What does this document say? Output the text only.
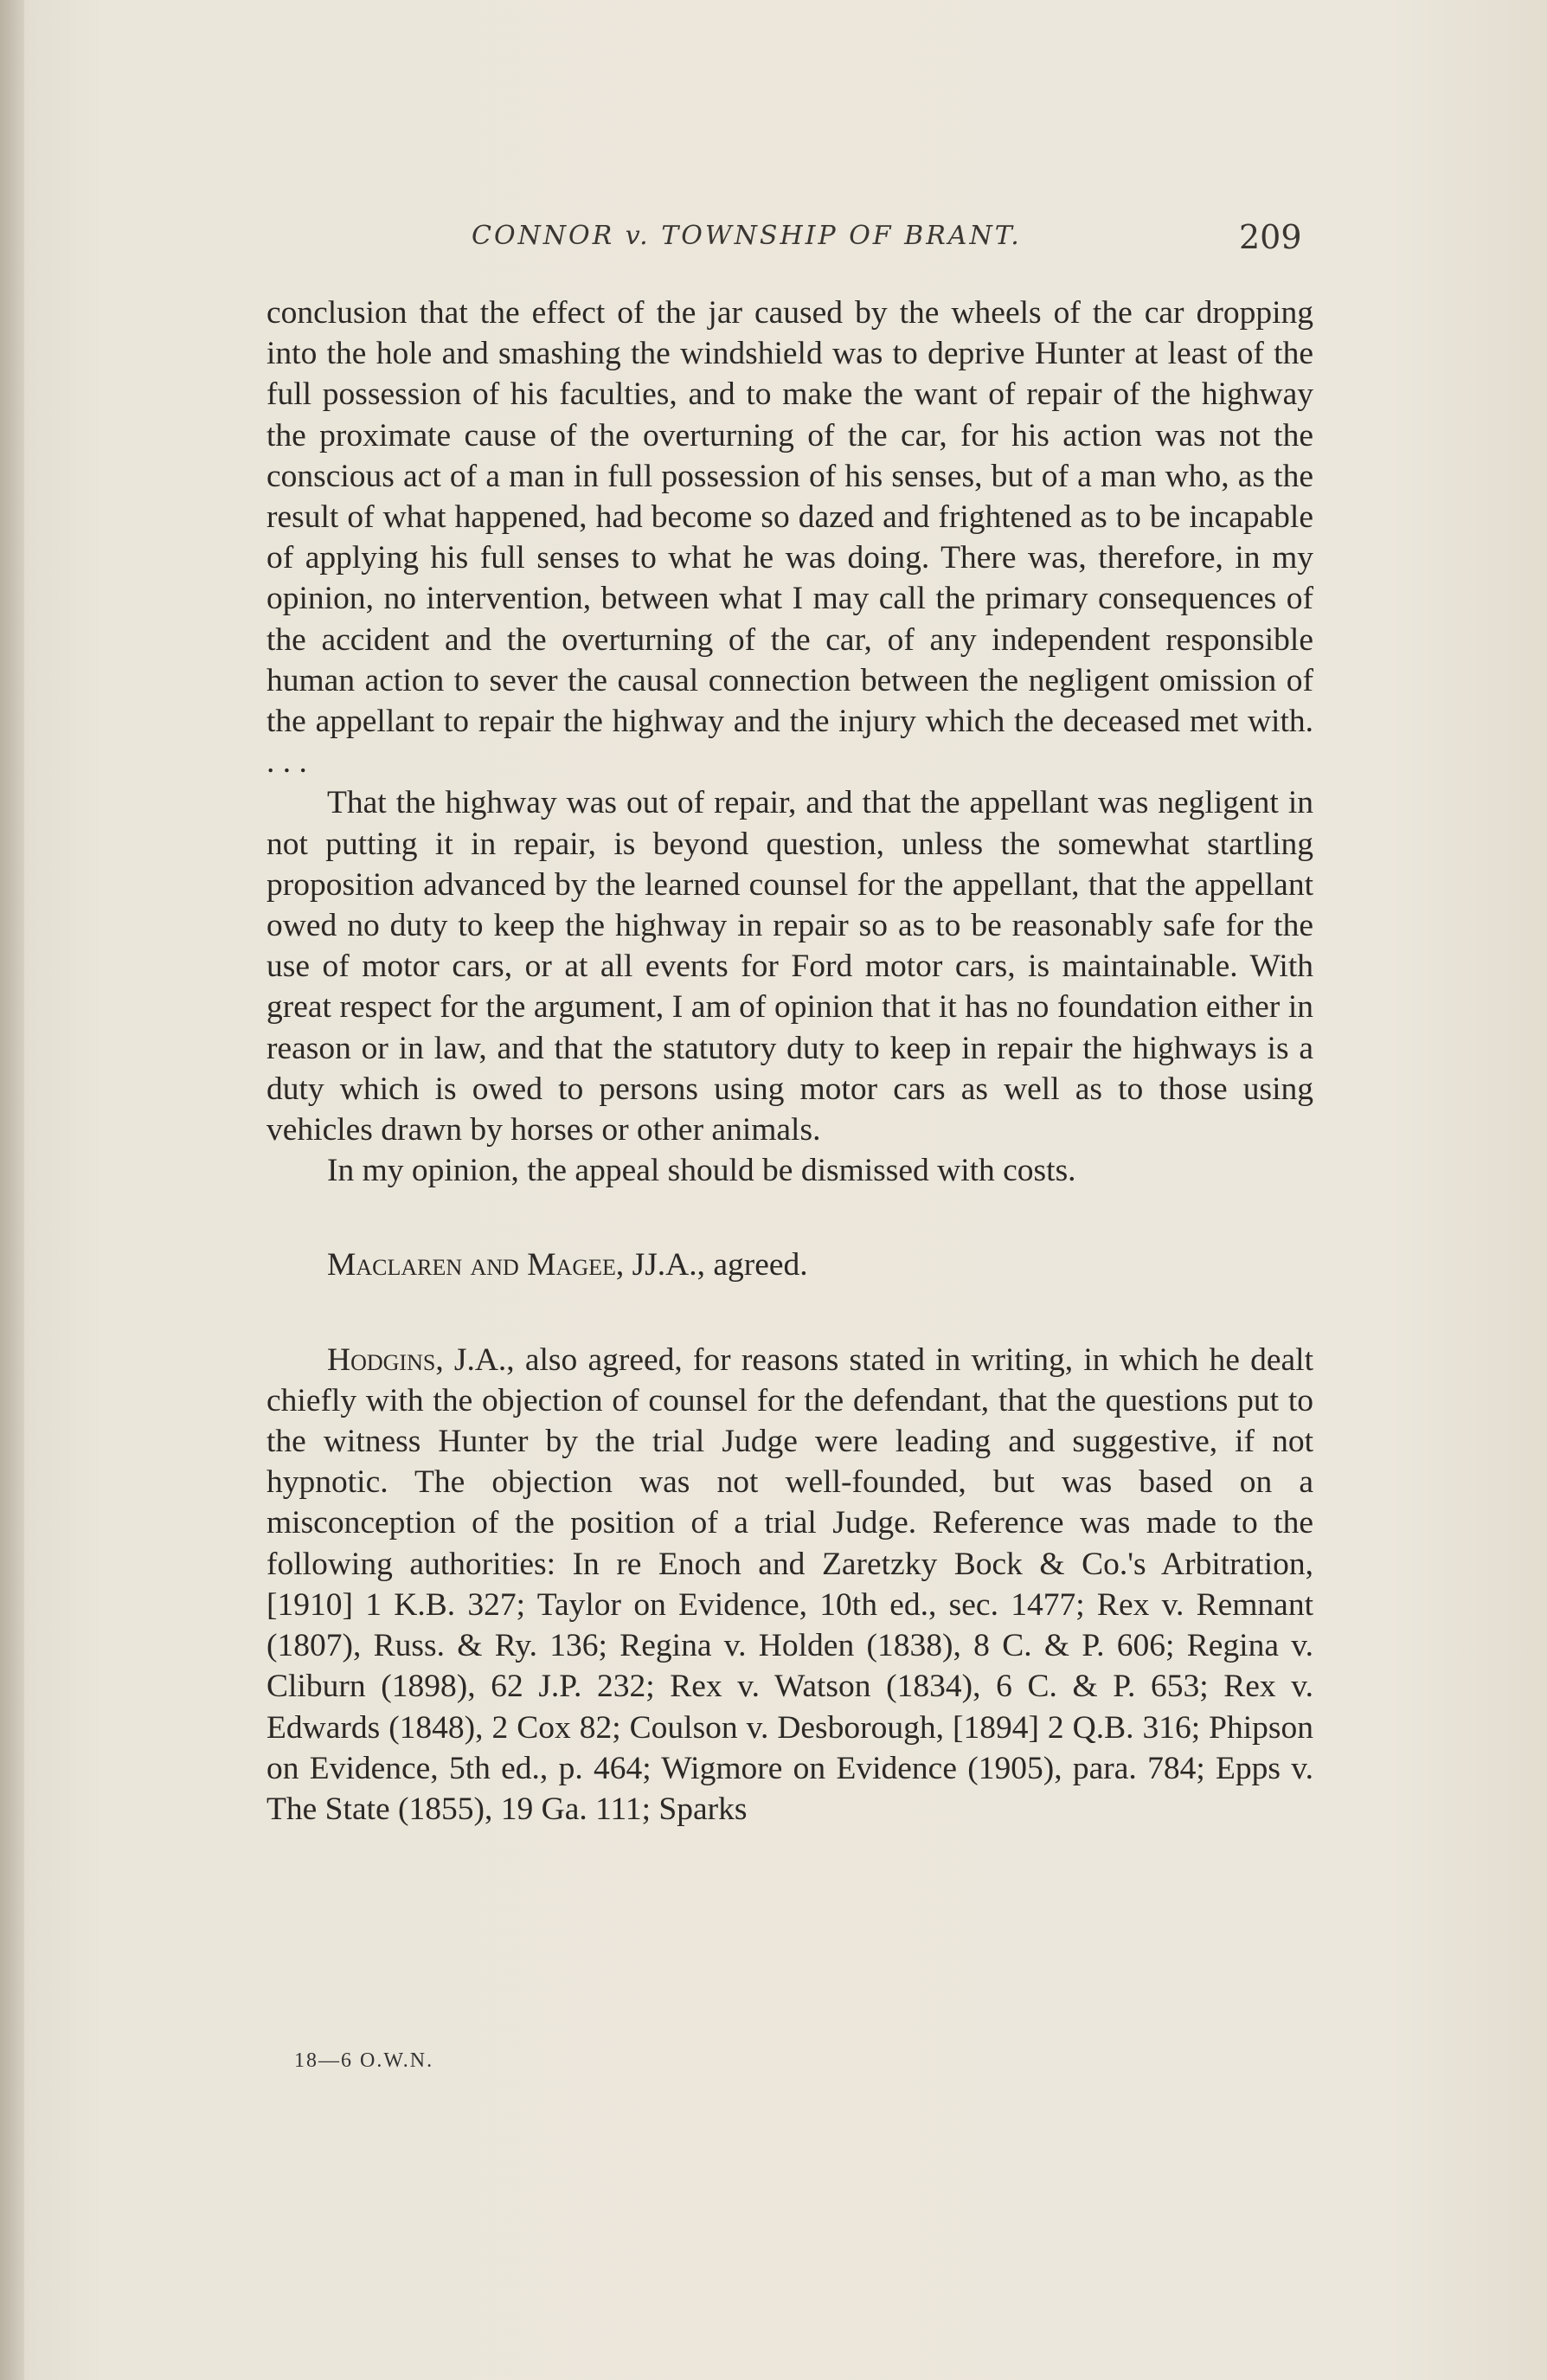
CONNOR v. TOWNSHIP OF BRANT.	209

conclusion that the effect of the jar caused by the wheels of the car dropping into the hole and smashing the windshield was to deprive Hunter at least of the full possession of his faculties, and to make the want of repair of the highway the proximate cause of the overturning of the car, for his action was not the conscious act of a man in full possession of his senses, but of a man who, as the result of what happened, had become so dazed and frightened as to be incapable of applying his full senses to what he was doing. There was, therefore, in my opinion, no intervention, between what I may call the primary consequences of the accident and the overturning of the car, of any independent responsible human action to sever the causal connection between the negligent omission of the appellant to repair the highway and the injury which the deceased met with. . . .

That the highway was out of repair, and that the appellant was negligent in not putting it in repair, is beyond question, unless the somewhat startling proposition advanced by the learned counsel for the appellant, that the appellant owed no duty to keep the highway in repair so as to be reasonably safe for the use of motor cars, or at all events for Ford motor cars, is maintainable. With great respect for the argument, I am of opinion that it has no foundation either in reason or in law, and that the statutory duty to keep in repair the highways is a duty which is owed to persons using motor cars as well as to those using vehicles drawn by horses or other animals.

In my opinion, the appeal should be dismissed with costs.

Maclaren and Magee, JJ.A., agreed.

Hodgins, J.A., also agreed, for reasons stated in writing, in which he dealt chiefly with the objection of counsel for the defendant, that the questions put to the witness Hunter by the trial Judge were leading and suggestive, if not hypnotic. The objection was not well-founded, but was based on a misconception of the position of a trial Judge. Reference was made to the following authorities: In re Enoch and Zaretzky Bock & Co.'s Arbitration, [1910] 1 K.B. 327; Taylor on Evidence, 10th ed., sec. 1477; Rex v. Remnant (1807), Russ. & Ry. 136; Regina v. Holden (1838), 8 C. & P. 606; Regina v. Cliburn (1898), 62 J.P. 232; Rex v. Watson (1834), 6 C. & P. 653; Rex v. Edwards (1848), 2 Cox 82; Coulson v. Desborough, [1894] 2 Q.B. 316; Phipson on Evidence, 5th ed., p. 464; Wigmore on Evidence (1905), para. 784; Epps v. The State (1855), 19 Ga. 111; Sparks

18—6 O.W.N.
